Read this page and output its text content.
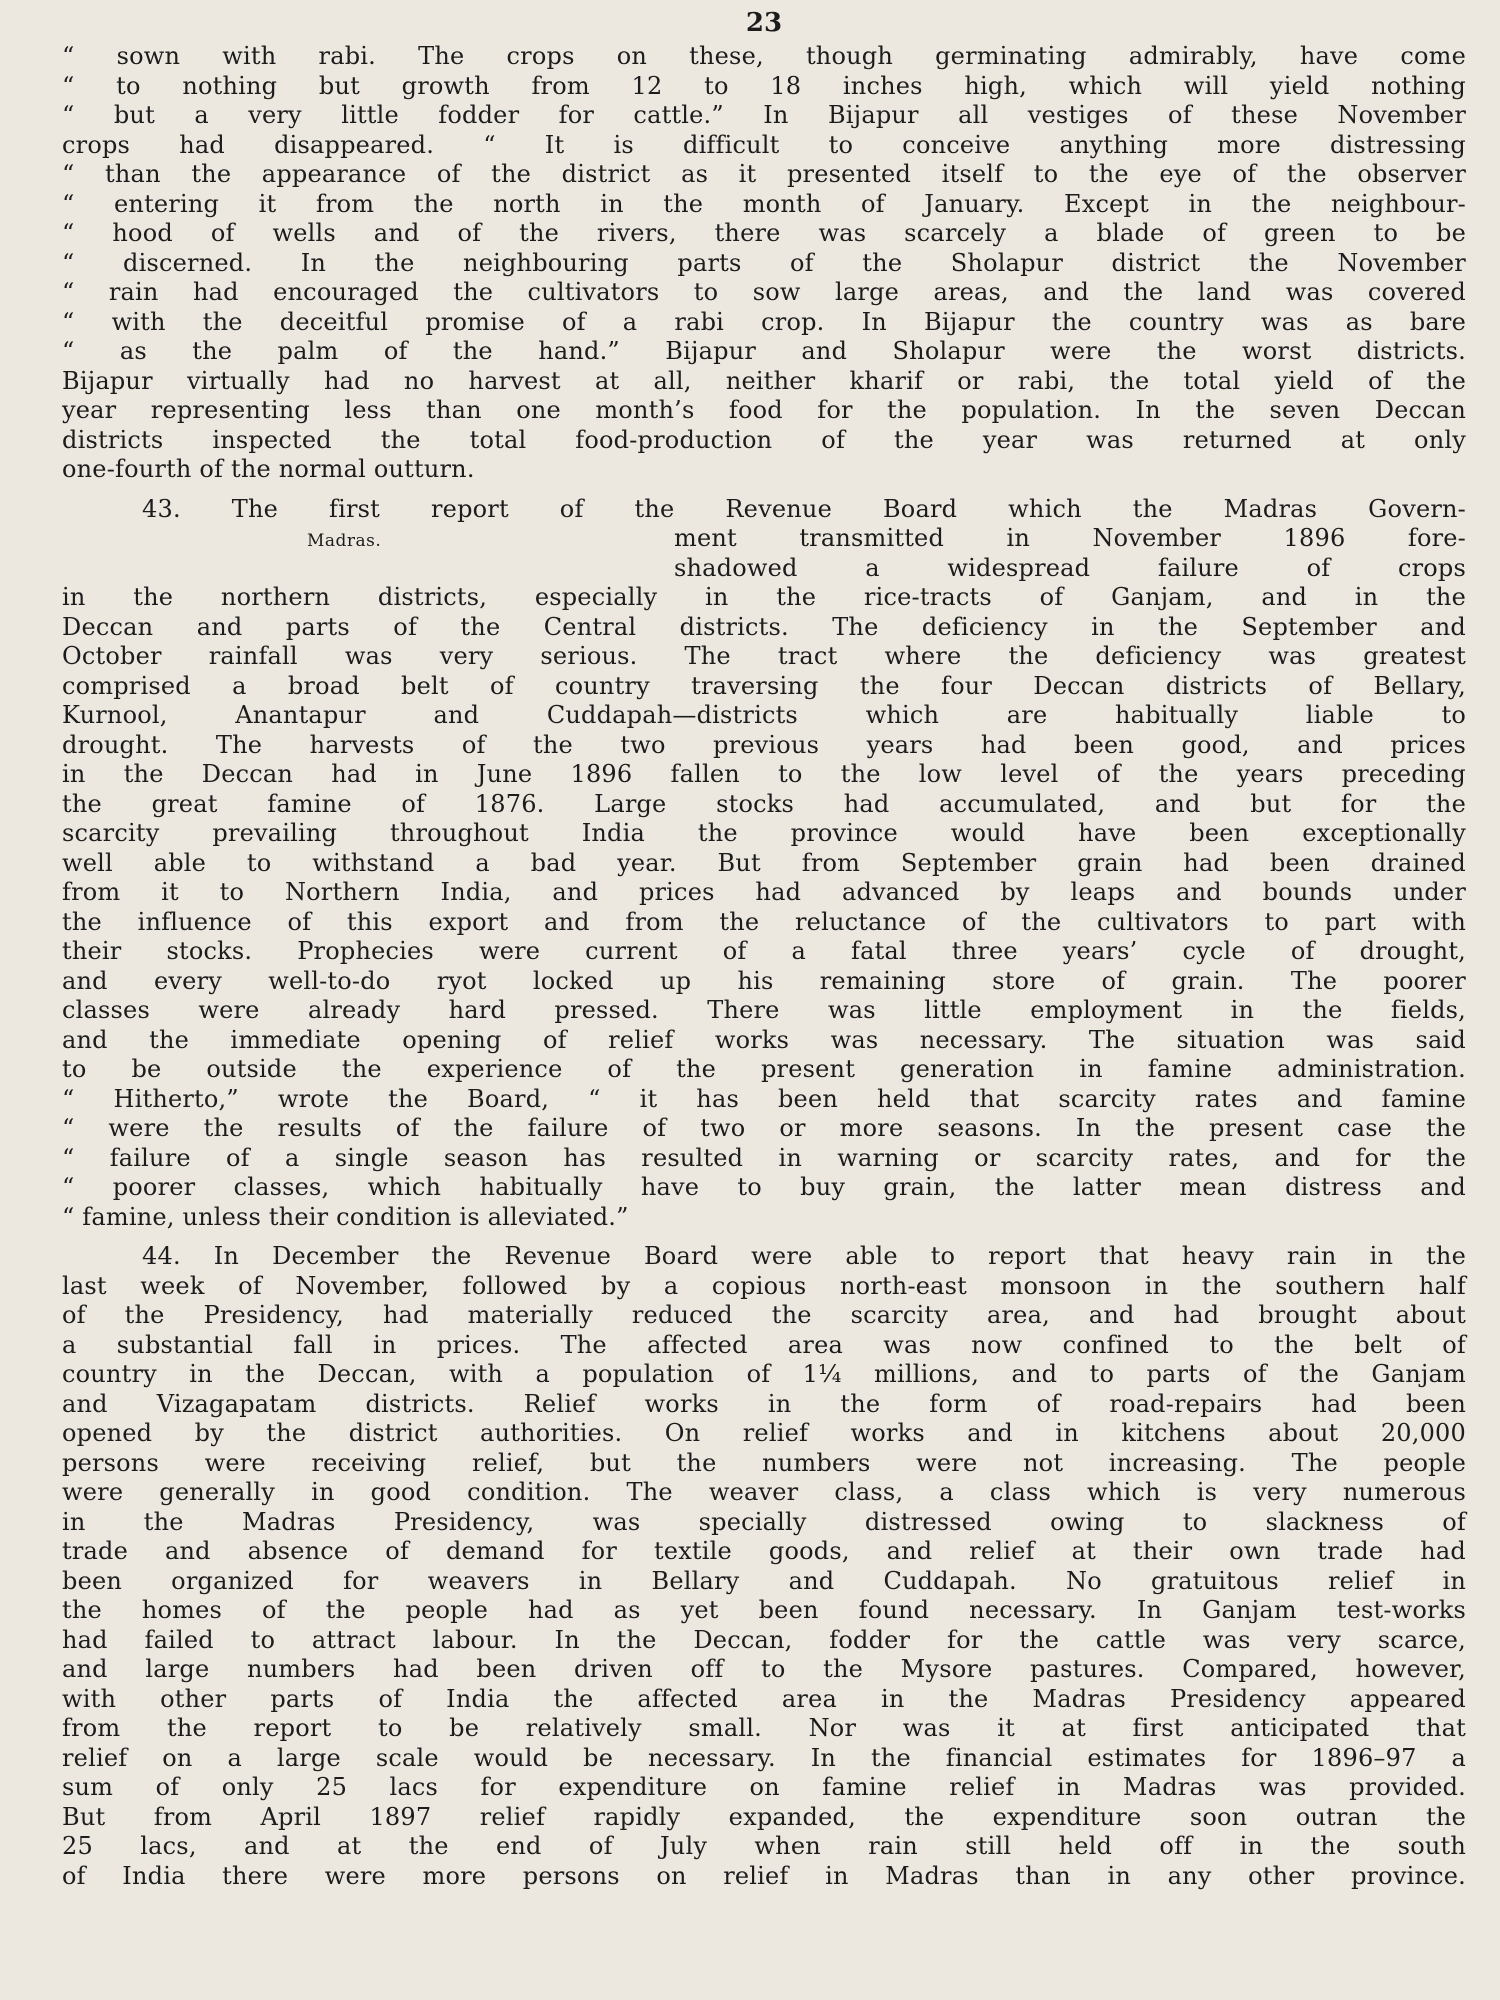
23
“ sown with rabi. The crops on these, though germinating admirably, have come
“ to nothing but growth from 12 to 18 inches high, which will yield nothing
“ but a very little fodder for cattle.” In Bijapur all vestiges of these November
crops had disappeared. “ It is difficult to conceive anything more distressing
“ than the appearance of the district as it presented itself to the eye of the observer
“ entering it from the north in the month of January. Except in the neighbour-
“ hood of wells and of the rivers, there was scarcely a blade of green to be
“ discerned. In the neighbouring parts of the Sholapur district the November
“ rain had encouraged the cultivators to sow large areas, and the land was covered
“ with the deceitful promise of a rabi crop. In Bijapur the country was as bare
“ as the palm of the hand.” Bijapur and Sholapur were the worst districts.
Bijapur virtually had no harvest at all, neither kharif or rabi, the total yield of the
year representing less than one month’s food for the population. In the seven Deccan
districts inspected the total food-production of the year was returned at only
one-fourth of the normal outturn.
43. The first report of the Revenue Board which the Madras Govern-
Madras.	ment transmitted in November 1896 fore-
shadowed a widespread failure of crops
in the northern districts, especially in the rice-tracts of Ganjam, and in the
Deccan and parts of the Central districts. The deficiency in the September and
October rainfall was very serious. The tract where the deficiency was greatest
comprised a broad belt of country traversing the four Deccan districts of Bellary,
Kurnool, Anantapur and Cuddapah—districts which are habitually liable to
drought. The harvests of the two previous years had been good, and prices
in the Deccan had in June 1896 fallen to the low level of the years preceding
the great famine of 1876. Large stocks had accumulated, and but for the
scarcity prevailing throughout India the province would have been exceptionally
well able to withstand a bad year. But from September grain had been drained
from it to Northern India, and prices had advanced by leaps and bounds under
the influence of this export and from the reluctance of the cultivators to part with
their stocks. Prophecies were current of a fatal three years’ cycle of drought,
and every well-to-do ryot locked up his remaining store of grain. The poorer
classes were already hard pressed. There was little employment in the fields,
and the immediate opening of relief works was necessary. The situation was said
to be outside the experience of the present generation in famine administration.
“ Hitherto,” wrote the Board, “ it has been held that scarcity rates and famine
“ were the results of the failure of two or more seasons. In the present case the
“ failure of a single season has resulted in warning or scarcity rates, and for the
“ poorer classes, which habitually have to buy grain, the latter mean distress and
“ famine, unless their condition is alleviated.”
44. In December the Revenue Board were able to report that heavy rain in the
last week of November, followed by a copious north-east monsoon in the southern half
of the Presidency, had materially reduced the scarcity area, and had brought about
a substantial fall in prices. The affected area was now confined to the belt of
country in the Deccan, with a population of 1¼ millions, and to parts of the Ganjam
and Vizagapatam districts. Relief works in the form of road-repairs had been
opened by the district authorities. On relief works and in kitchens about 20,000
persons were receiving relief, but the numbers were not increasing. The people
were generally in good condition. The weaver class, a class which is very numerous
in the Madras Presidency, was specially distressed owing to slackness of
trade and absence of demand for textile goods, and relief at their own trade had
been organized for weavers in Bellary and Cuddapah. No gratuitous relief in
the homes of the people had as yet been found necessary. In Ganjam test-works
had failed to attract labour. In the Deccan, fodder for the cattle was very scarce,
and large numbers had been driven off to the Mysore pastures. Compared, however,
with other parts of India the affected area in the Madras Presidency appeared
from the report to be relatively small. Nor was it at first anticipated that
relief on a large scale would be necessary. In the financial estimates for 1896–97 a
sum of only 25 lacs for expenditure on famine relief in Madras was provided.
But from April 1897 relief rapidly expanded, the expenditure soon outran the
25 lacs, and at the end of July when rain still held off in the south
of India there were more persons on relief in Madras than in any other province.
